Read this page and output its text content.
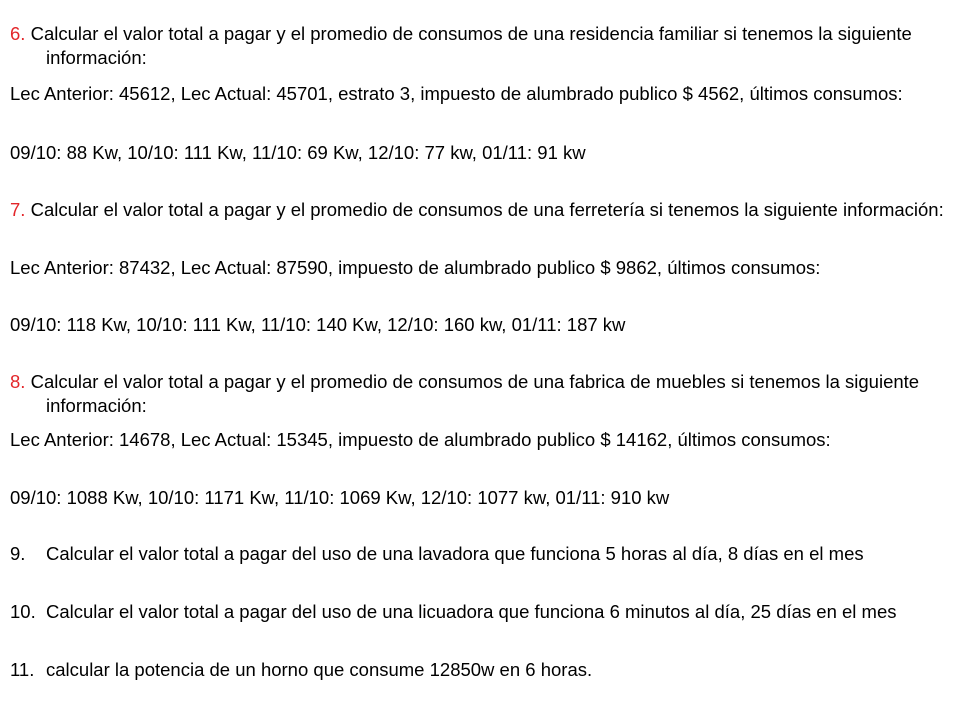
6. Calcular el valor total a pagar y el promedio de consumos de una residencia familiar si tenemos la siguiente información:
Lec Anterior: 45612, Lec Actual: 45701, estrato 3, impuesto de alumbrado publico $ 4562, últimos consumos:
09/10: 88 Kw, 10/10: 111 Kw, 11/10: 69 Kw, 12/10: 77 kw, 01/11: 91 kw
7. Calcular el valor total a pagar y el promedio de consumos de una ferretería si tenemos la siguiente información:
Lec Anterior: 87432, Lec Actual: 87590, impuesto de alumbrado publico $ 9862, últimos consumos:
09/10: 118 Kw, 10/10: 111 Kw, 11/10: 140 Kw, 12/10: 160 kw, 01/11: 187 kw
8. Calcular el valor total a pagar y el promedio de consumos de una fabrica de muebles si tenemos la siguiente información:
Lec Anterior: 14678, Lec Actual: 15345, impuesto de alumbrado publico $ 14162, últimos consumos:
09/10: 1088 Kw, 10/10: 1171 Kw, 11/10: 1069 Kw, 12/10: 1077 kw, 01/11: 910 kw
9.	Calcular el valor total a pagar del uso de una lavadora que funciona 5 horas al día, 8 días en el mes
10. Calcular el valor total a pagar del uso de una licuadora que funciona 6 minutos al día, 25 días en el mes
11. calcular la potencia de un horno que consume 12850w en 6 horas.
